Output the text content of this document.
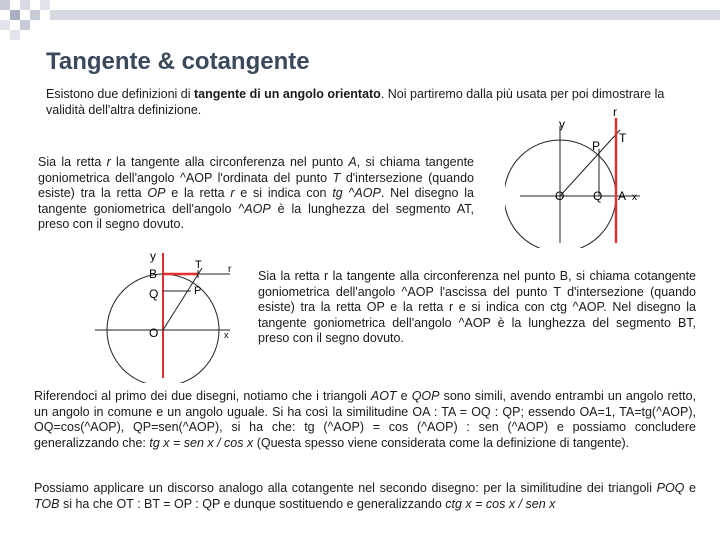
Tangente & cotangente

Esistono due definizioni di tangente di un angolo orientato. Noi partiremo dalla più usata per poi dimostrare la validità dell'altra definizione.

Sia la retta r la tangente alla circonferenza nel punto A, si chiama tangente goniometrica dell'angolo ^AOP l'ordinata del punto T d'intersezione (quando esiste) tra la retta OP e la retta r e si indica con tg ^AOP. Nel disegno la tangente goniometrica dell'angolo ^AOP è la lunghezza del segmento AT, preso con il segno dovuto.

y
r
P
T
O Q A x
y
B
T	r
Q	P
O	x

Sia la retta r la tangente alla circonferenza nel punto B, si chiama cotangente goniometrica dell'angolo ^AOP l'ascissa del punto T d'intersezione (quando esiste) tra la retta OP e la retta r e si indica con ctg ^AOP. Nel disegno la tangente goniometrica dell'angolo ^AOP è la lunghezza del segmento BT, preso con il segno dovuto.

Riferendoci al primo dei due disegni, notiamo che i triangoli AOT e QOP sono simili, avendo entrambi un angolo retto, un angolo in comune e un angolo uguale. Si ha così la similitudine OA : TA = OQ : QP; essendo OA=1, TA=tg(^AOP), OQ=cos(^AOP), QP=sen(^AOP), si ha che: tg (^AOP) = cos (^AOP) : sen (^AOP) e possiamo concludere generalizzando che: tg x = sen x / cos x (Questa spesso viene considerata come la definizione di tangente).

Possiamo applicare un discorso analogo alla cotangente nel secondo disegno: per la similitudine dei triangoli POQ e TOB si ha che OT : BT = OP : QP e dunque sostituendo e generalizzando ctg x = cos x / sen x
